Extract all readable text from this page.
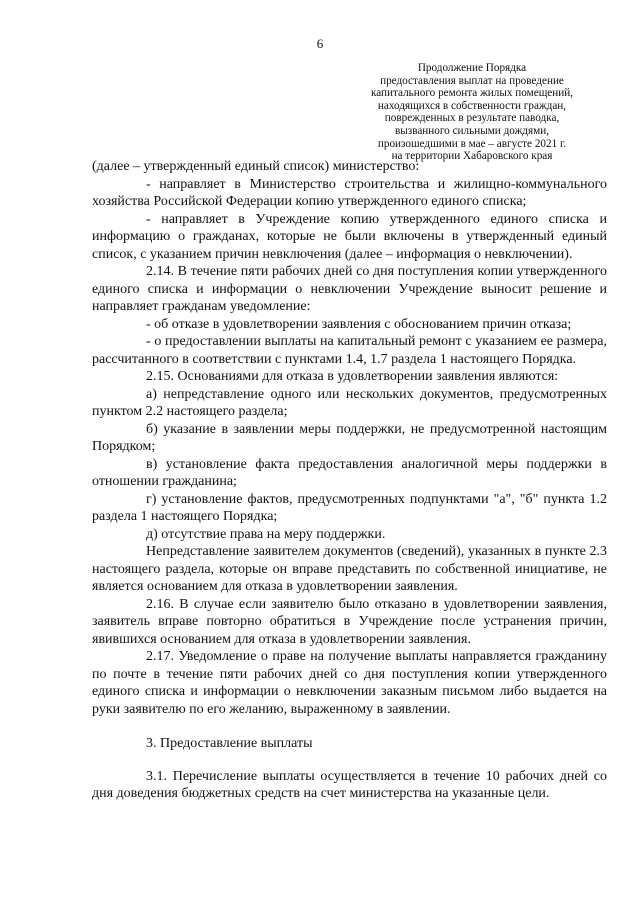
6
Продолжение Порядка
предоставления выплат на проведение
капитального ремонта жилых помещений,
находящихся в собственности граждан,
поврежденных в результате паводка,
вызванного сильными дождями,
произошедшими в мае – августе 2021 г.
на территории Хабаровского края

(далее – утвержденный единый список) министерство:

- направляет в Министерство строительства и жилищно-коммунального хозяйства Российской Федерации копию утвержденного единого списка;

- направляет в Учреждение копию утвержденного единого списка и информацию о гражданах, которые не были включены в утвержденный единый список, с указанием причин невключения (далее – информация о невключении).

2.14. В течение пяти рабочих дней со дня поступления копии утвержденного единого списка и информации о невключении Учреждение выносит решение и направляет гражданам уведомление:

- об отказе в удовлетворении заявления с обоснованием причин отказа;

- о предоставлении выплаты на капитальный ремонт с указанием ее размера, рассчитанного в соответствии с пунктами 1.4, 1.7 раздела 1 настоящего Порядка.

2.15. Основаниями для отказа в удовлетворении заявления являются:

а) непредставление одного или нескольких документов, предусмотренных пунктом 2.2 настоящего раздела;

б) указание в заявлении меры поддержки, не предусмотренной настоящим Порядком;

в) установление факта предоставления аналогичной меры поддержки в отношении гражданина;

г) установление фактов, предусмотренных подпунктами "а", "б" пункта 1.2 раздела 1 настоящего Порядка;

д) отсутствие права на меру поддержки.

Непредставление заявителем документов (сведений), указанных в пункте 2.3 настоящего раздела, которые он вправе представить по собственной инициативе, не является основанием для отказа в удовлетворении заявления.

2.16. В случае если заявителю было отказано в удовлетворении заявления, заявитель вправе повторно обратиться в Учреждение после устранения причин, явившихся основанием для отказа в удовлетворении заявления.

2.17. Уведомление о праве на получение выплаты направляется гражданину по почте в течение пяти рабочих дней со дня поступления копии утвержденного единого списка и информации о невключении заказным письмом либо выдается на руки заявителю по его желанию, выраженному в заявлении.

3. Предоставление выплаты

3.1. Перечисление выплаты осуществляется в течение 10 рабочих дней со дня доведения бюджетных средств на счет министерства на указанные цели.
